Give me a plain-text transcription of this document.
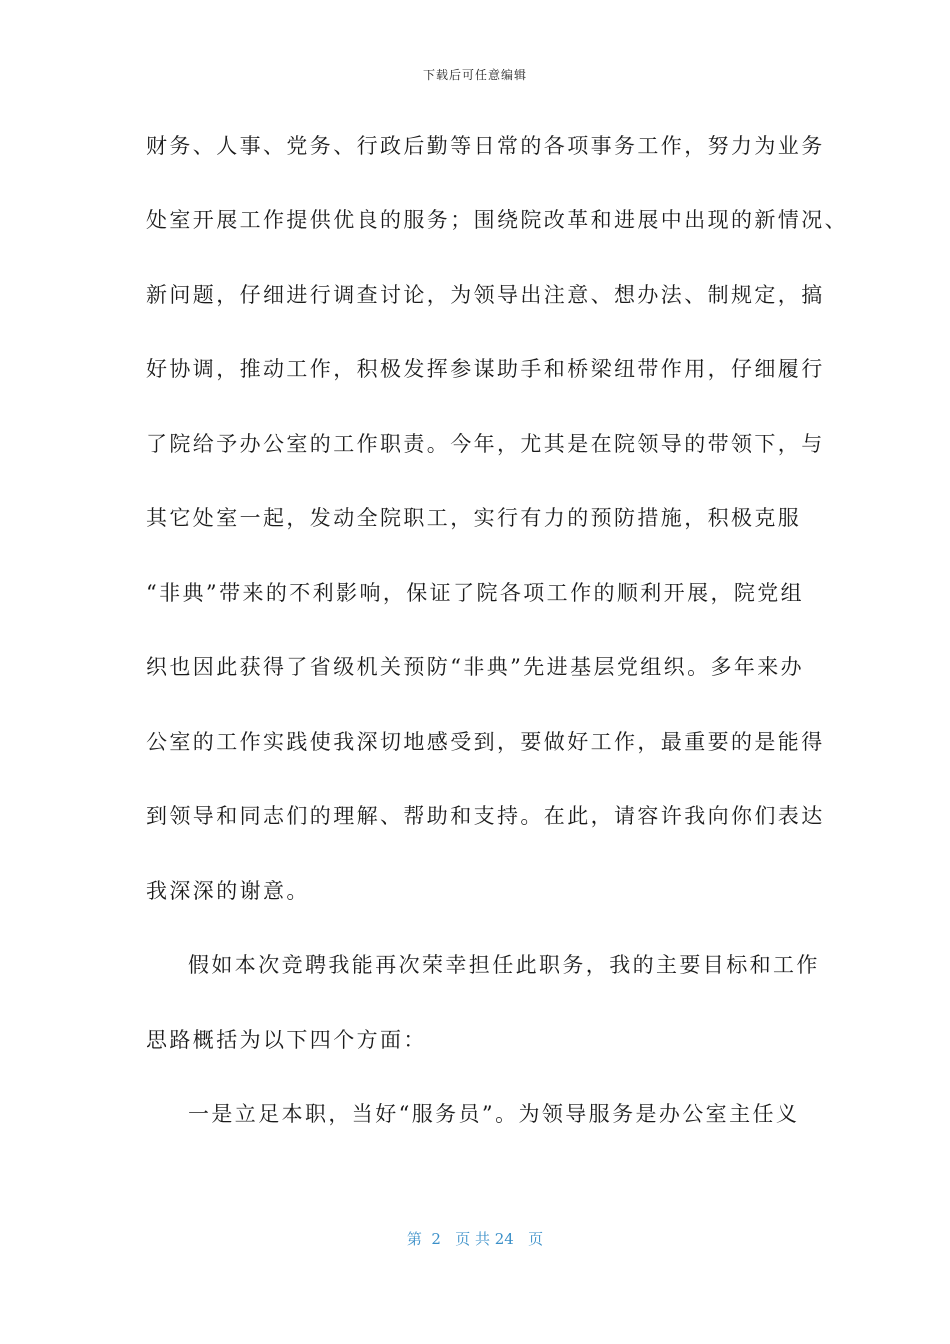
下载后可任意编辑
财务、人事、党务、行政后勤等日常的各项事务工作，努力为业务
处室开展工作提供优良的服务；围绕院改革和进展中出现的新情况、
新问题，仔细进行调查讨论，为领导出注意、想办法、制规定，搞
好协调，推动工作，积极发挥参谋助手和桥梁纽带作用，仔细履行
了院给予办公室的工作职责。今年，尤其是在院领导的带领下，与
其它处室一起，发动全院职工，实行有力的预防措施，积极克服
“非典”带来的不利影响，保证了院各项工作的顺利开展，院党组
织也因此获得了省级机关预防“非典”先进基层党组织。多年来办
公室的工作实践使我深切地感受到，要做好工作，最重要的是能得
到领导和同志们的理解、帮助和支持。在此，请容许我向你们表达
我深深的谢意。
假如本次竞聘我能再次荣幸担任此职务，我的主要目标和工作
思路概括为以下四个方面：
一是立足本职，当好“服务员”。为领导服务是办公室主任义
第  2   页 共 24   页
